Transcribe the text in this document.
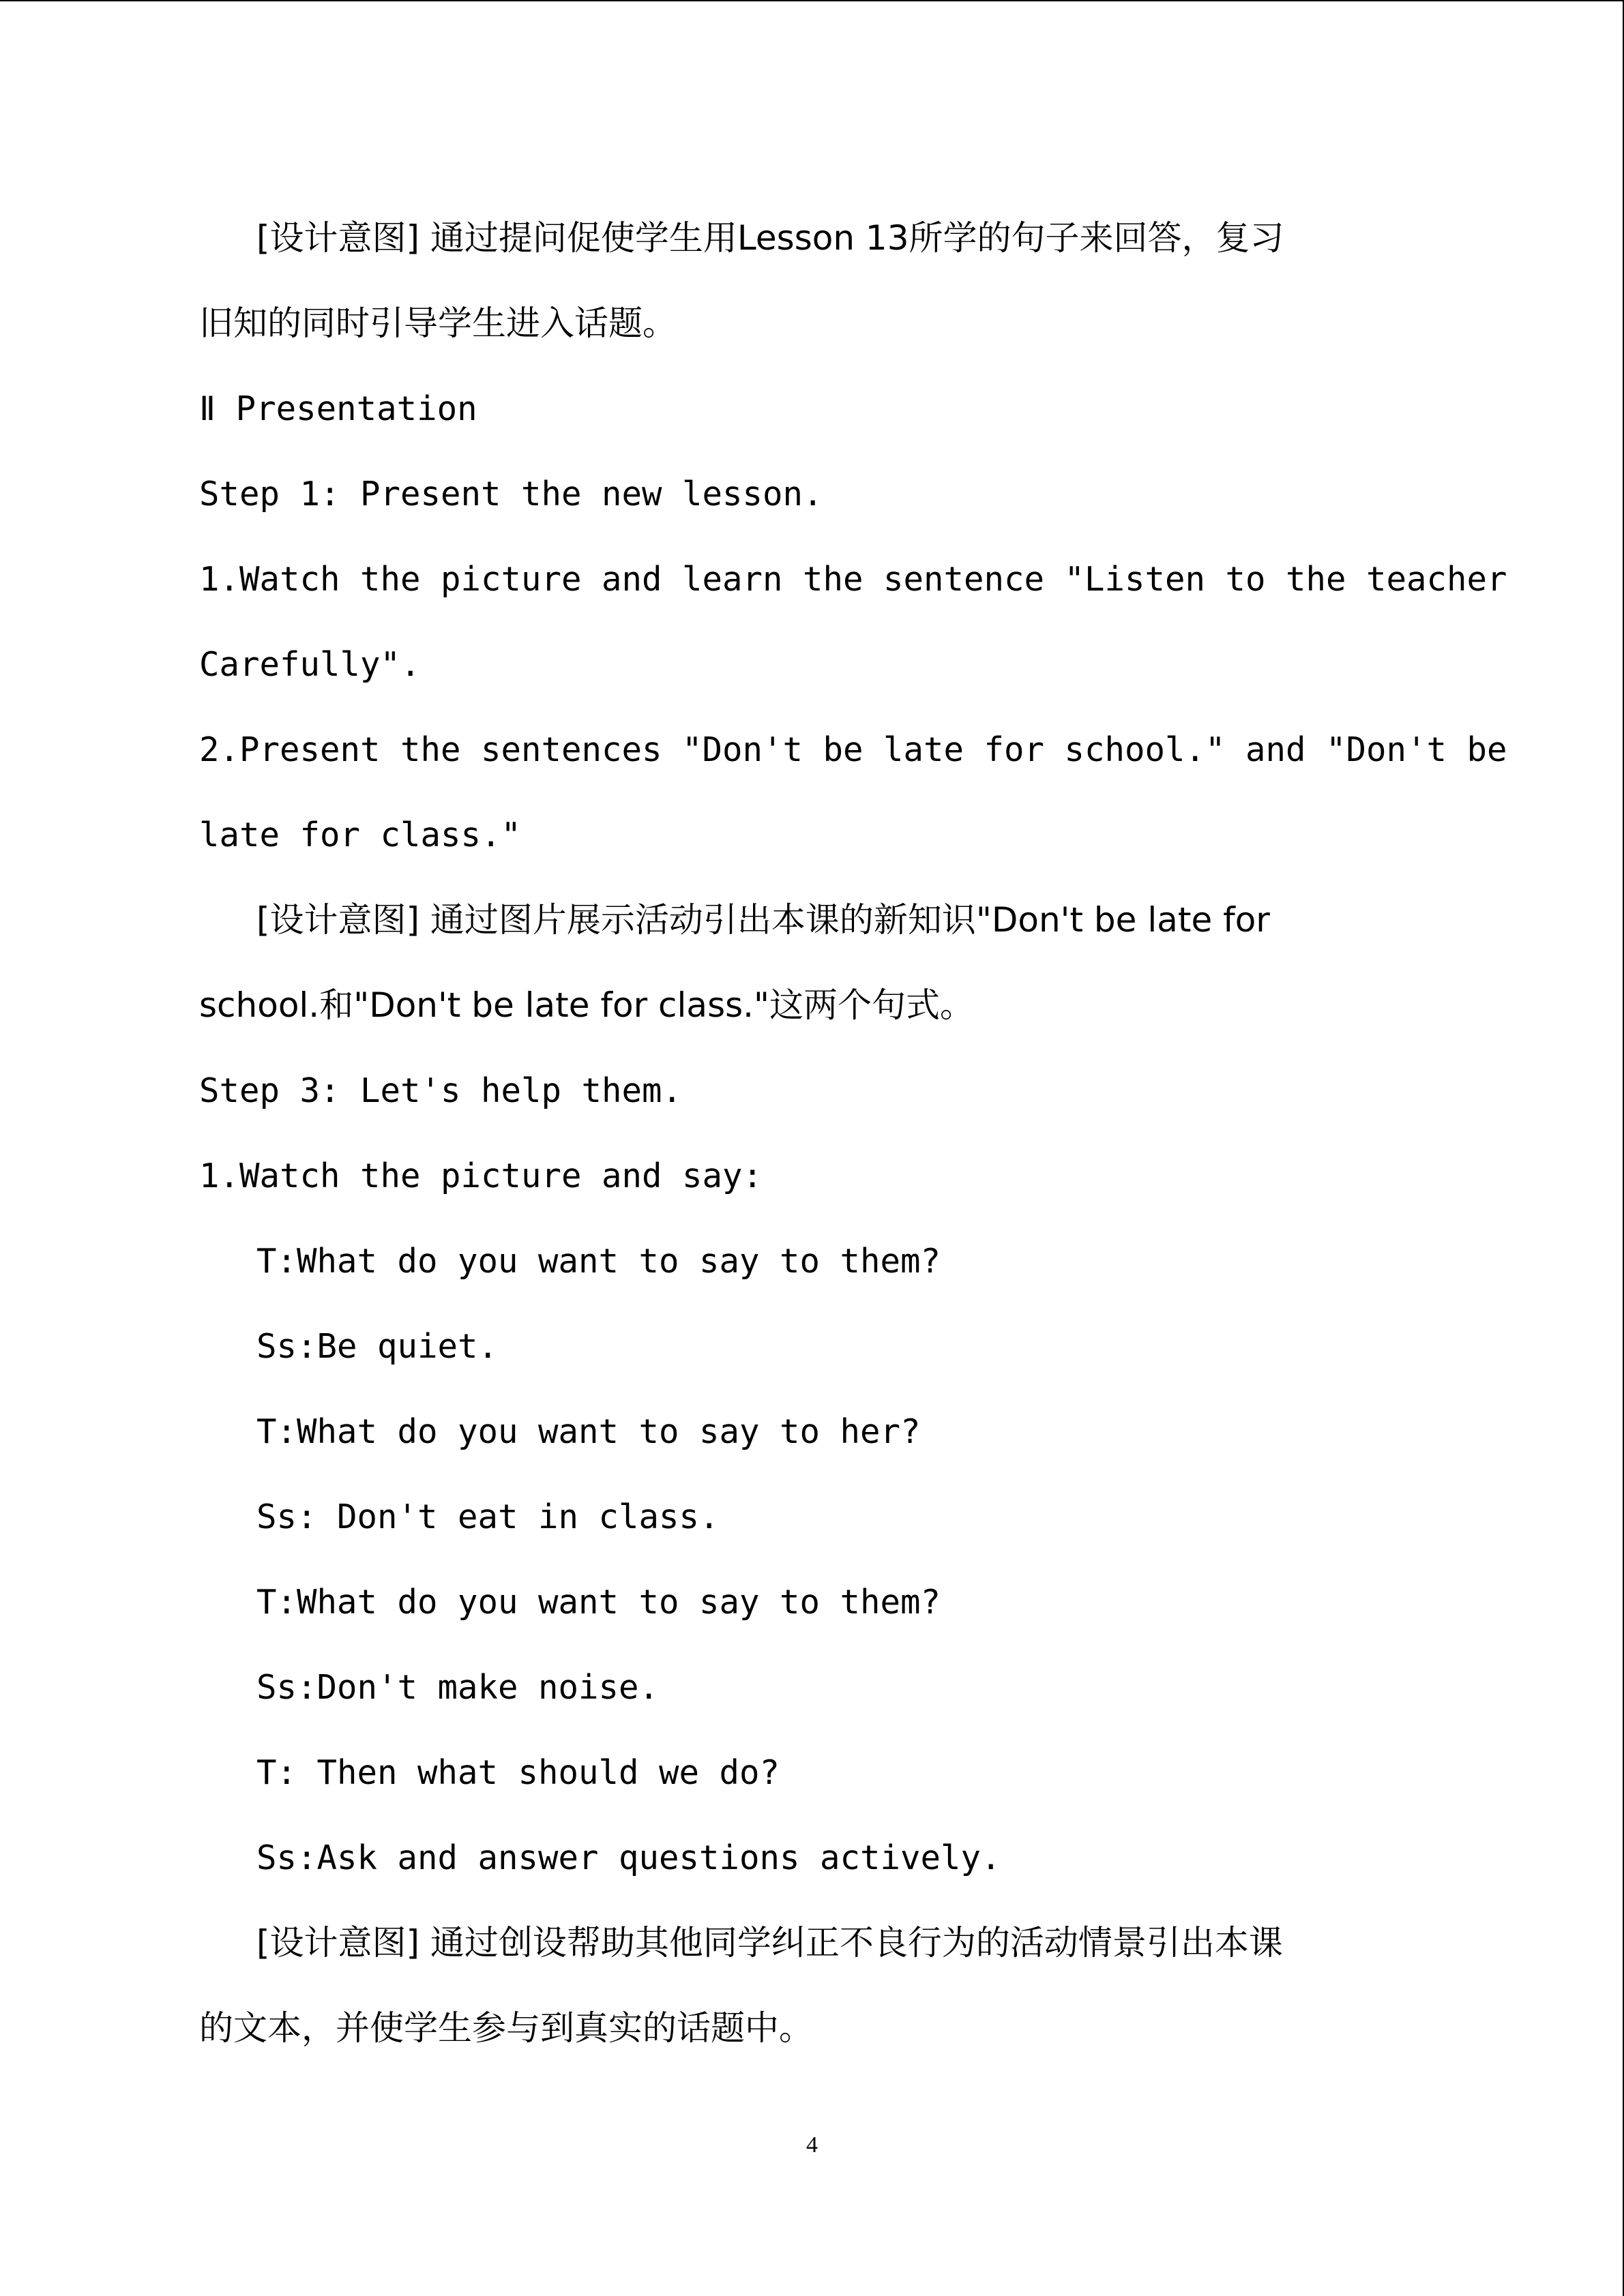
[设计意图] 通过提问促使学生用Lesson 13所学的句子来回答，复习
旧知的同时引导学生进入话题。
Ⅱ Presentation
Step 1: Present the new lesson.
1.Watch the picture and learn the sentence "Listen to the teacher
Carefully".
2.Present the sentences "Don't be late for school." and "Don't be
late for class."
[设计意图] 通过图片展示活动引出本课的新知识"Don't be late for
school.和"Don't be late for class."这两个句式。
Step 3: Let's help them.
1.Watch the picture and say:
T:What do you want to say to them?
Ss:Be quiet.
T:What do you want to say to her?
Ss: Don't eat in class.
T:What do you want to say to them?
Ss:Don't make noise.
T: Then what should we do?
Ss:Ask and answer questions actively.
[设计意图] 通过创设帮助其他同学纠正不良行为的活动情景引出本课
的文本，并使学生参与到真实的话题中。
4
